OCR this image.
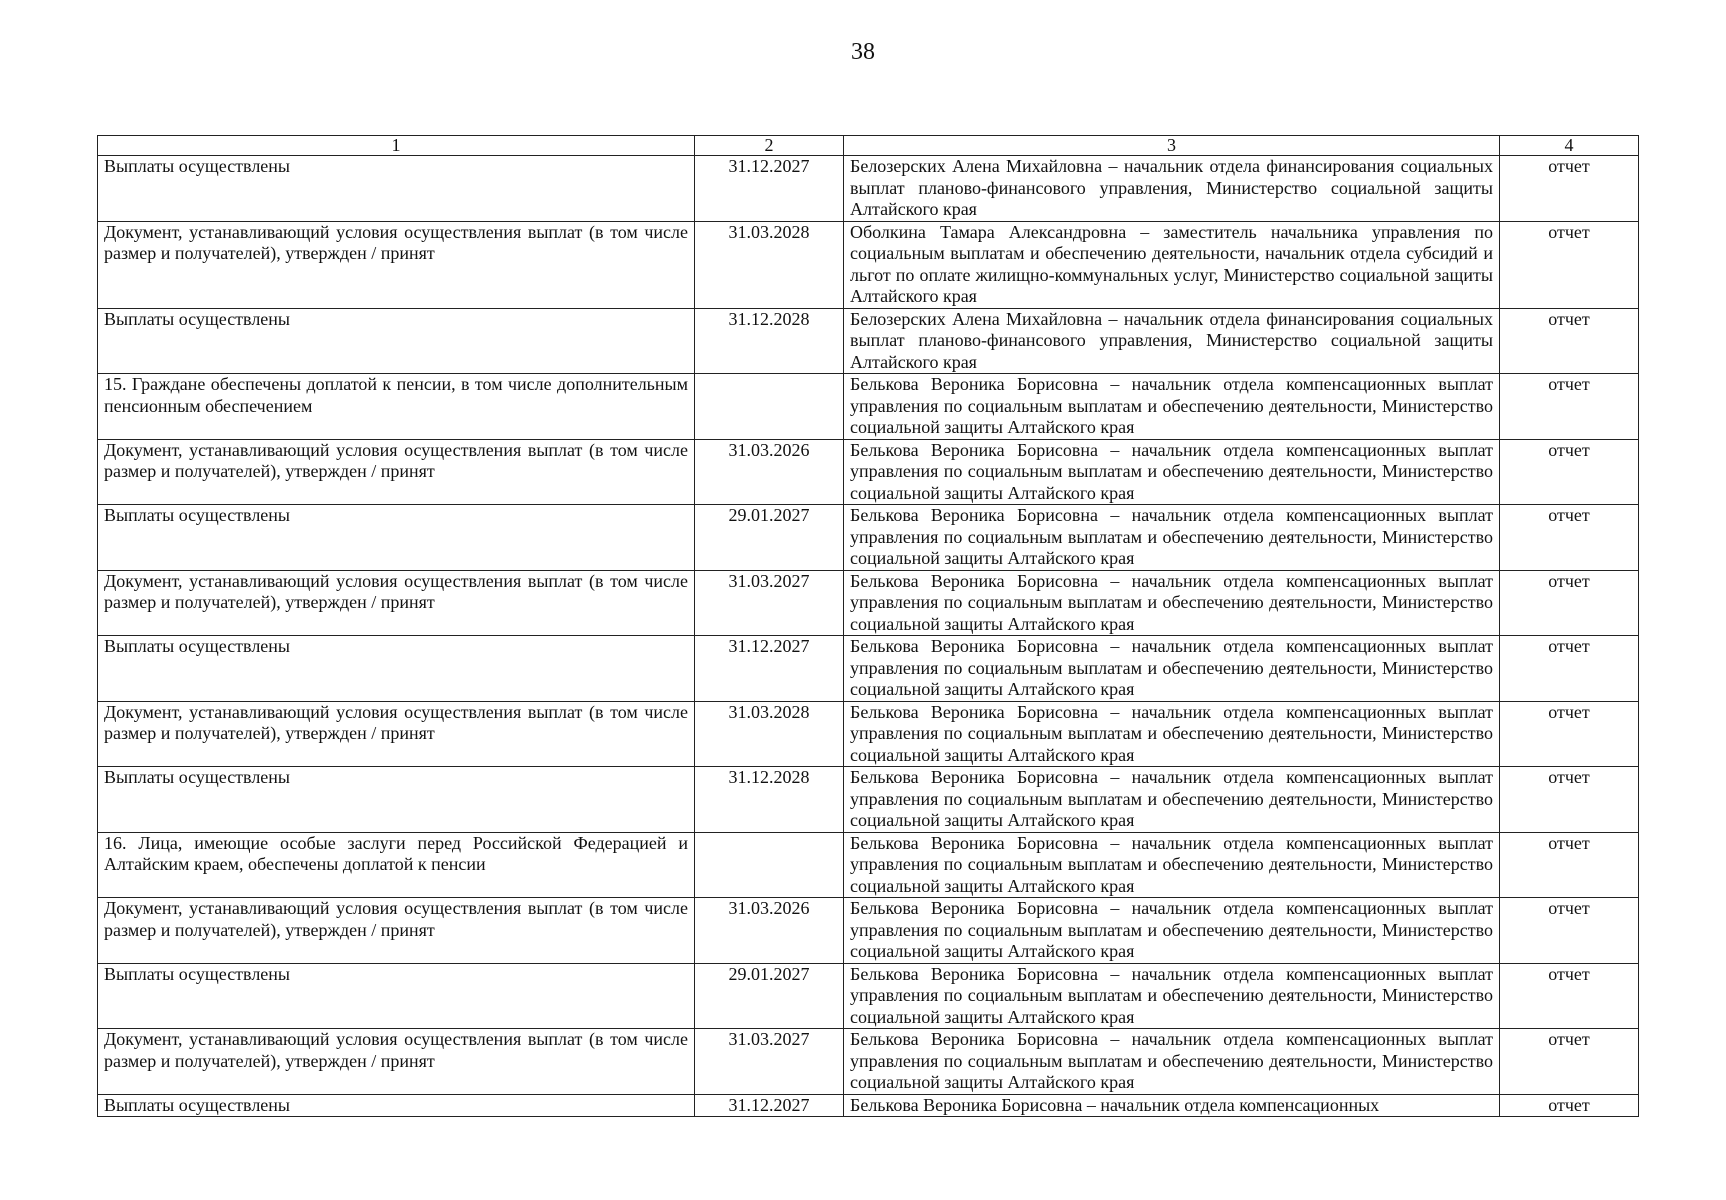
38
1	2	3	4
Выплаты осуществлены	31.12.2027	Белозерских Алена Михайловна – начальник отдела финансирования социальных выплат планово-финансового управления, Министерство социальной защиты Алтайского края	отчет
Документ, устанавливающий условия осуществления выплат (в том числе размер и получателей), утвержден / принят	31.03.2028	Оболкина Тамара Александровна – заместитель начальника управления по социальным выплатам и обеспечению деятельности, начальник отдела субсидий и льгот по оплате жилищно-коммунальных услуг, Министерство социальной защиты Алтайского края	отчет
Выплаты осуществлены	31.12.2028	Белозерских Алена Михайловна – начальник отдела финансирования социальных выплат планово-финансового управления, Министерство социальной защиты Алтайского края	отчет
15. Граждане обеспечены доплатой к пенсии, в том числе дополнительным пенсионным обеспечением		Белькова Вероника Борисовна – начальник отдела компенсационных выплат управления по социальным выплатам и обеспечению деятельности, Министерство социальной защиты Алтайского края	отчет
Документ, устанавливающий условия осуществления выплат (в том числе размер и получателей), утвержден / принят	31.03.2026	Белькова Вероника Борисовна – начальник отдела компенсационных выплат управления по социальным выплатам и обеспечению деятельности, Министерство социальной защиты Алтайского края	отчет
Выплаты осуществлены	29.01.2027	Белькова Вероника Борисовна – начальник отдела компенсационных выплат управления по социальным выплатам и обеспечению деятельности, Министерство социальной защиты Алтайского края	отчет
Документ, устанавливающий условия осуществления выплат (в том числе размер и получателей), утвержден / принят	31.03.2027	Белькова Вероника Борисовна – начальник отдела компенсационных выплат управления по социальным выплатам и обеспечению деятельности, Министерство социальной защиты Алтайского края	отчет
Выплаты осуществлены	31.12.2027	Белькова Вероника Борисовна – начальник отдела компенсационных выплат управления по социальным выплатам и обеспечению деятельности, Министерство социальной защиты Алтайского края	отчет
Документ, устанавливающий условия осуществления выплат (в том числе размер и получателей), утвержден / принят	31.03.2028	Белькова Вероника Борисовна – начальник отдела компенсационных выплат управления по социальным выплатам и обеспечению деятельности, Министерство социальной защиты Алтайского края	отчет
Выплаты осуществлены	31.12.2028	Белькова Вероника Борисовна – начальник отдела компенсационных выплат управления по социальным выплатам и обеспечению деятельности, Министерство социальной защиты Алтайского края	отчет
16. Лица, имеющие особые заслуги перед Российской Федерацией и Алтайским краем, обеспечены доплатой к пенсии		Белькова Вероника Борисовна – начальник отдела компенсационных выплат управления по социальным выплатам и обеспечению деятельности, Министерство социальной защиты Алтайского края	отчет
Документ, устанавливающий условия осуществления выплат (в том числе размер и получателей), утвержден / принят	31.03.2026	Белькова Вероника Борисовна – начальник отдела компенсационных выплат управления по социальным выплатам и обеспечению деятельности, Министерство социальной защиты Алтайского края	отчет
Выплаты осуществлены	29.01.2027	Белькова Вероника Борисовна – начальник отдела компенсационных выплат управления по социальным выплатам и обеспечению деятельности, Министерство социальной защиты Алтайского края	отчет
Документ, устанавливающий условия осуществления выплат (в том числе размер и получателей), утвержден / принят	31.03.2027	Белькова Вероника Борисовна – начальник отдела компенсационных выплат управления по социальным выплатам и обеспечению деятельности, Министерство социальной защиты Алтайского края	отчет
Выплаты осуществлены	31.12.2027	Белькова Вероника Борисовна – начальник отдела компенсационных	отчет
